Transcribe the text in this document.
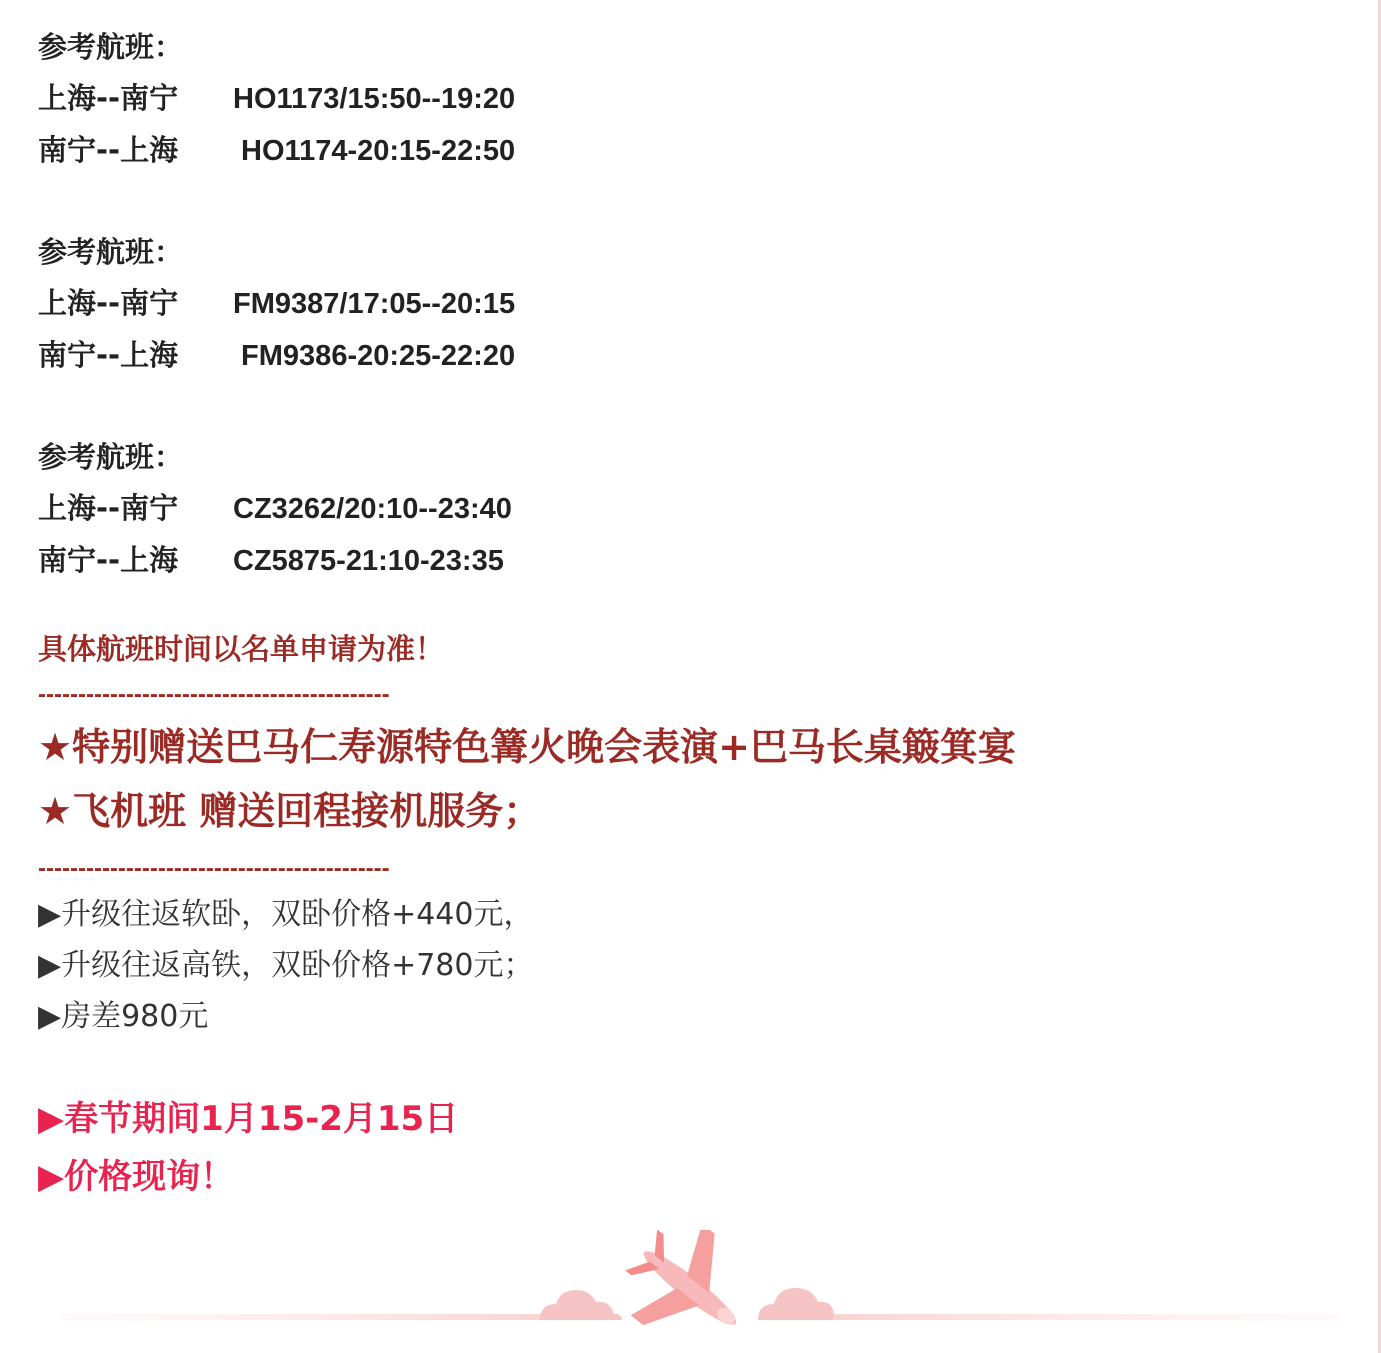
参考航班：
上海--南宁 HO1173/15:50--19:20
南宁--上海 HO1174-20:15-22:50
参考航班：
上海--南宁 FM9387/17:05--20:15
南宁--上海 FM9386-20:25-22:20
参考航班：
上海--南宁 CZ3262/20:10--23:40
南宁--上海 CZ5875-21:10-23:35
具体航班时间以名单申请为准！
--------------------------------------------
★特别赠送巴马仁寿源特色篝火晚会表演+巴马长桌簸箕宴
★飞机班 赠送回程接机服务；
--------------------------------------------
▶升级往返软卧，双卧价格+440元，
▶升级往返高铁，双卧价格+780元；
▶房差980元
▶春节期间1月15-2月15日
▶价格现询！
